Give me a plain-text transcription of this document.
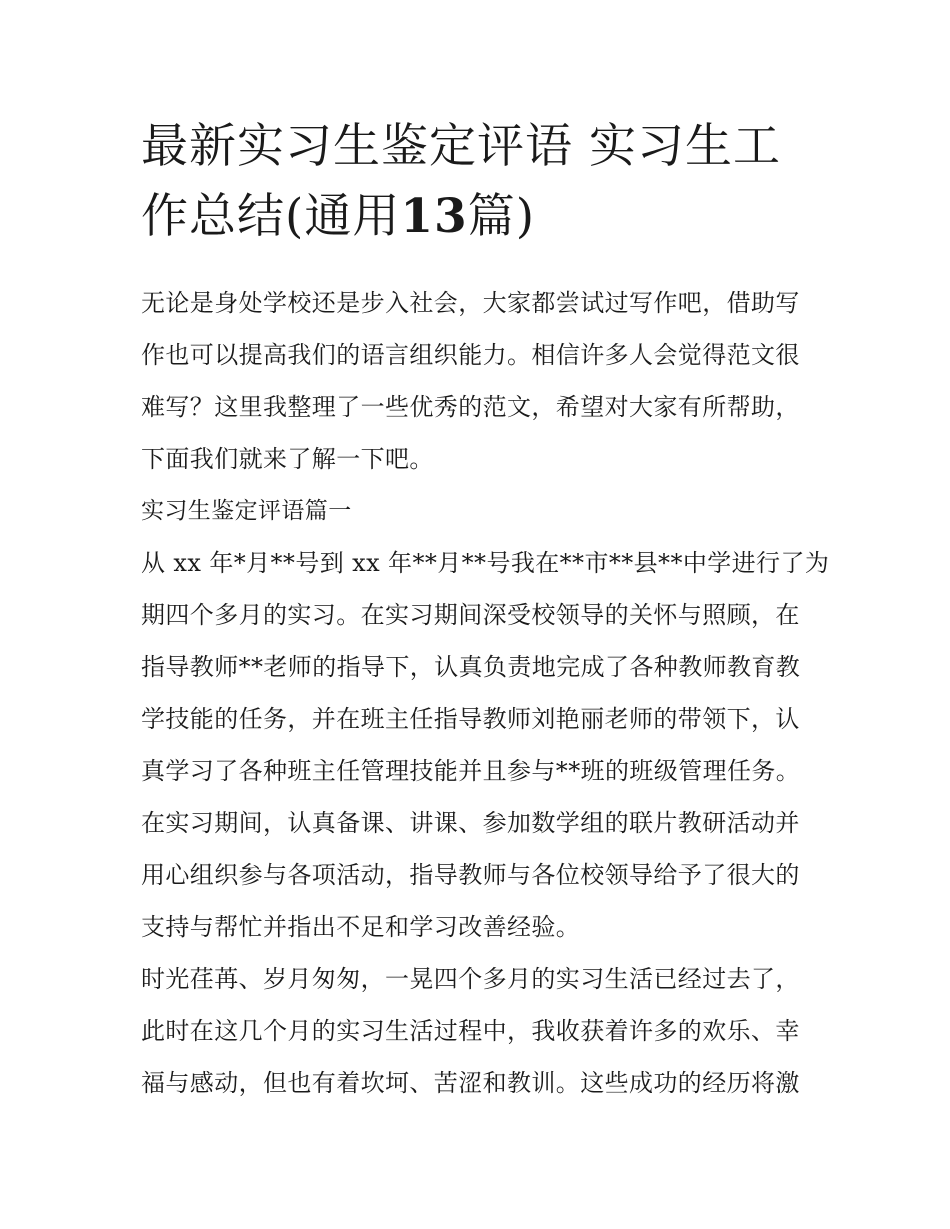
最新实习生鉴定评语 实习生工
作总结(通用13篇)
无论是身处学校还是步入社会，大家都尝试过写作吧，借助写
作也可以提高我们的语言组织能力。相信许多人会觉得范文很
难写？这里我整理了一些优秀的范文，希望对大家有所帮助，
下面我们就来了解一下吧。
实习生鉴定评语篇一
从 xx 年*月**号到 xx 年**月**号我在**市**县**中学进行了为
期四个多月的实习。在实习期间深受校领导的关怀与照顾，在
指导教师**老师的指导下，认真负责地完成了各种教师教育教
学技能的任务，并在班主任指导教师刘艳丽老师的带领下，认
真学习了各种班主任管理技能并且参与**班的班级管理任务。
在实习期间，认真备课、讲课、参加数学组的联片教研活动并
用心组织参与各项活动，指导教师与各位校领导给予了很大的
支持与帮忙并指出不足和学习改善经验。
时光荏苒、岁月匆匆，一晃四个多月的实习生活已经过去了，
此时在这几个月的实习生活过程中，我收获着许多的欢乐、幸
福与感动，但也有着坎坷、苦涩和教训。这些成功的经历将激
